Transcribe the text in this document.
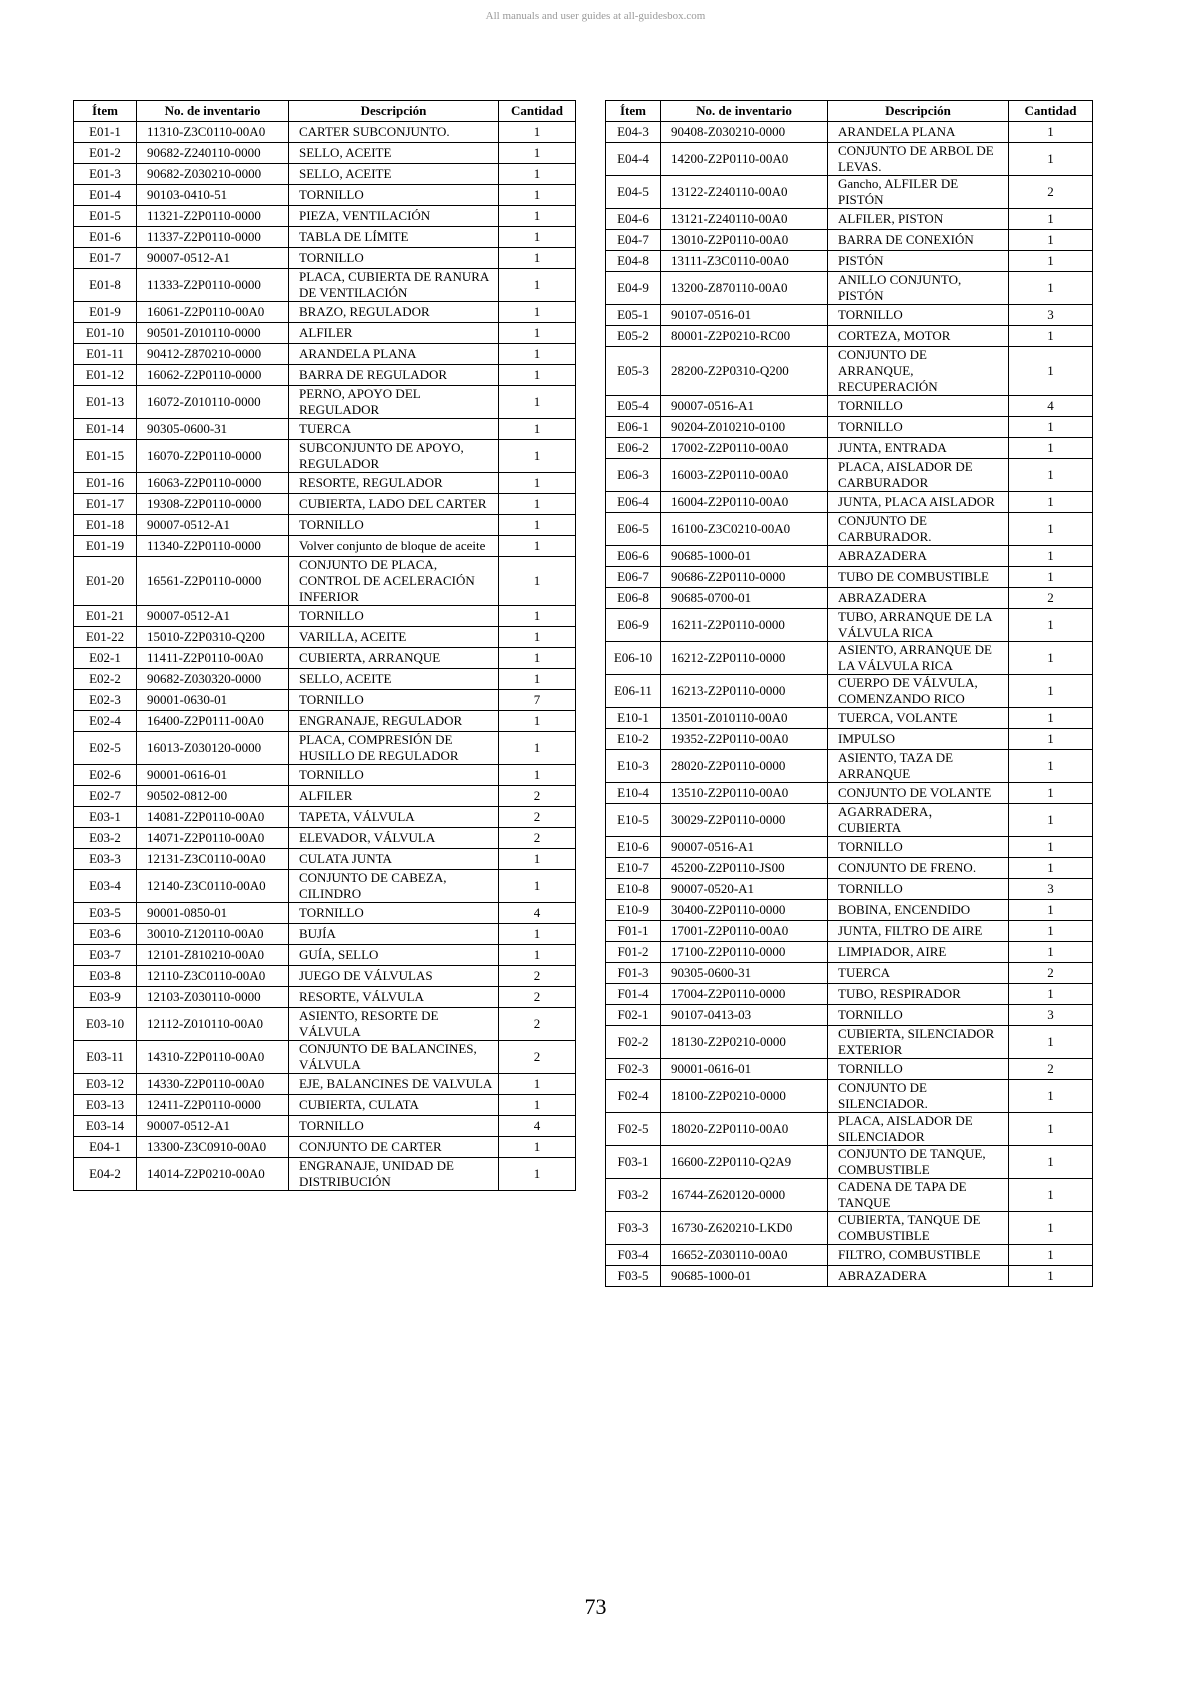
All manuals and user guides at all-guidesbox.com
Ítem	No. de inventario	Descripción	Cantidad
E01-1	11310-Z3C0110-00A0	CARTER SUBCONJUNTO.	1
E01-2	90682-Z240110-0000	SELLO, ACEITE	1
E01-3	90682-Z030210-0000	SELLO, ACEITE	1
E01-4	90103-0410-51	TORNILLO	1
E01-5	11321-Z2P0110-0000	PIEZA, VENTILACIÓN	1
E01-6	11337-Z2P0110-0000	TABLA DE LÍMITE	1
E01-7	90007-0512-A1	TORNILLO	1
E01-8	11333-Z2P0110-0000	PLACA, CUBIERTA DE RANURA DE VENTILACIÓN	1
E01-9	16061-Z2P0110-00A0	BRAZO, REGULADOR	1
E01-10	90501-Z010110-0000	ALFILER	1
E01-11	90412-Z870210-0000	ARANDELA PLANA	1
E01-12	16062-Z2P0110-0000	BARRA DE REGULADOR	1
E01-13	16072-Z010110-0000	PERNO, APOYO DEL REGULADOR	1
E01-14	90305-0600-31	TUERCA	1
E01-15	16070-Z2P0110-0000	SUBCONJUNTO DE APOYO, REGULADOR	1
E01-16	16063-Z2P0110-0000	RESORTE, REGULADOR	1
E01-17	19308-Z2P0110-0000	CUBIERTA, LADO DEL CARTER	1
E01-18	90007-0512-A1	TORNILLO	1
E01-19	11340-Z2P0110-0000	Volver conjunto de bloque de aceite	1
E01-20	16561-Z2P0110-0000	CONJUNTO DE PLACA, CONTROL DE ACELERACIÓN INFERIOR	1
E01-21	90007-0512-A1	TORNILLO	1
E01-22	15010-Z2P0310-Q200	VARILLA, ACEITE	1
E02-1	11411-Z2P0110-00A0	CUBIERTA, ARRANQUE	1
E02-2	90682-Z030320-0000	SELLO, ACEITE	1
E02-3	90001-0630-01	TORNILLO	7
E02-4	16400-Z2P0111-00A0	ENGRANAJE, REGULADOR	1
E02-5	16013-Z030120-0000	PLACA, COMPRESIÓN DE HUSILLO DE REGULADOR	1
E02-6	90001-0616-01	TORNILLO	1
E02-7	90502-0812-00	ALFILER	2
E03-1	14081-Z2P0110-00A0	TAPETA, VÁLVULA	2
E03-2	14071-Z2P0110-00A0	ELEVADOR, VÁLVULA	2
E03-3	12131-Z3C0110-00A0	CULATA JUNTA	1
E03-4	12140-Z3C0110-00A0	CONJUNTO DE CABEZA, CILINDRO	1
E03-5	90001-0850-01	TORNILLO	4
E03-6	30010-Z120110-00A0	BUJÍA	1
E03-7	12101-Z810210-00A0	GUÍA, SELLO	1
E03-8	12110-Z3C0110-00A0	JUEGO DE VÁLVULAS	2
E03-9	12103-Z030110-0000	RESORTE, VÁLVULA	2
E03-10	12112-Z010110-00A0	ASIENTO, RESORTE DE VÁLVULA	2
E03-11	14310-Z2P0110-00A0	CONJUNTO DE BALANCINES, VÁLVULA	2
E03-12	14330-Z2P0110-00A0	EJE, BALANCINES DE VALVULA	1
E03-13	12411-Z2P0110-0000	CUBIERTA, CULATA	1
E03-14	90007-0512-A1	TORNILLO	4
E04-1	13300-Z3C0910-00A0	CONJUNTO DE CARTER	1
E04-2	14014-Z2P0210-00A0	ENGRANAJE, UNIDAD DE DISTRIBUCIÓN	1
Ítem	No. de inventario	Descripción	Cantidad
E04-3	90408-Z030210-0000	ARANDELA PLANA	1
E04-4	14200-Z2P0110-00A0	CONJUNTO DE ARBOL DE LEVAS.	1
E04-5	13122-Z240110-00A0	Gancho, ALFILER DE PISTÓN	2
E04-6	13121-Z240110-00A0	ALFILER, PISTON	1
E04-7	13010-Z2P0110-00A0	BARRA DE CONEXIÓN	1
E04-8	13111-Z3C0110-00A0	PISTÓN	1
E04-9	13200-Z870110-00A0	ANILLO CONJUNTO, PISTÓN	1
E05-1	90107-0516-01	TORNILLO	3
E05-2	80001-Z2P0210-RC00	CORTEZA, MOTOR	1
E05-3	28200-Z2P0310-Q200	CONJUNTO DE ARRANQUE, RECUPERACIÓN	1
E05-4	90007-0516-A1	TORNILLO	4
E06-1	90204-Z010210-0100	TORNILLO	1
E06-2	17002-Z2P0110-00A0	JUNTA, ENTRADA	1
E06-3	16003-Z2P0110-00A0	PLACA, AISLADOR DE CARBURADOR	1
E06-4	16004-Z2P0110-00A0	JUNTA, PLACA AISLADOR	1
E06-5	16100-Z3C0210-00A0	CONJUNTO DE CARBURADOR.	1
E06-6	90685-1000-01	ABRAZADERA	1
E06-7	90686-Z2P0110-0000	TUBO DE COMBUSTIBLE	1
E06-8	90685-0700-01	ABRAZADERA	2
E06-9	16211-Z2P0110-0000	TUBO, ARRANQUE DE LA VÁLVULA RICA	1
E06-10	16212-Z2P0110-0000	ASIENTO, ARRANQUE DE LA VÁLVULA RICA	1
E06-11	16213-Z2P0110-0000	CUERPO DE VÁLVULA, COMENZANDO RICO	1
E10-1	13501-Z010110-00A0	TUERCA, VOLANTE	1
E10-2	19352-Z2P0110-00A0	IMPULSO	1
E10-3	28020-Z2P0110-0000	ASIENTO, TAZA DE ARRANQUE	1
E10-4	13510-Z2P0110-00A0	CONJUNTO DE VOLANTE	1
E10-5	30029-Z2P0110-0000	AGARRADERA，CUBIERTA	1
E10-6	90007-0516-A1	TORNILLO	1
E10-7	45200-Z2P0110-JS00	CONJUNTO DE FRENO.	1
E10-8	90007-0520-A1	TORNILLO	3
E10-9	30400-Z2P0110-0000	BOBINA, ENCENDIDO	1
F01-1	17001-Z2P0110-00A0	JUNTA, FILTRO DE AIRE	1
F01-2	17100-Z2P0110-0000	LIMPIADOR, AIRE	1
F01-3	90305-0600-31	TUERCA	2
F01-4	17004-Z2P0110-0000	TUBO, RESPIRADOR	1
F02-1	90107-0413-03	TORNILLO	3
F02-2	18130-Z2P0210-0000	CUBIERTA, SILENCIADOR EXTERIOR	1
F02-3	90001-0616-01	TORNILLO	2
F02-4	18100-Z2P0210-0000	CONJUNTO DE SILENCIADOR.	1
F02-5	18020-Z2P0110-00A0	PLACA, AISLADOR DE SILENCIADOR	1
F03-1	16600-Z2P0110-Q2A9	CONJUNTO DE TANQUE, COMBUSTIBLE	1
F03-2	16744-Z620120-0000	CADENA DE TAPA DE TANQUE	1
F03-3	16730-Z620210-LKD0	CUBIERTA, TANQUE DE COMBUSTIBLE	1
F03-4	16652-Z030110-00A0	FILTRO, COMBUSTIBLE	1
F03-5	90685-1000-01	ABRAZADERA	1
73
